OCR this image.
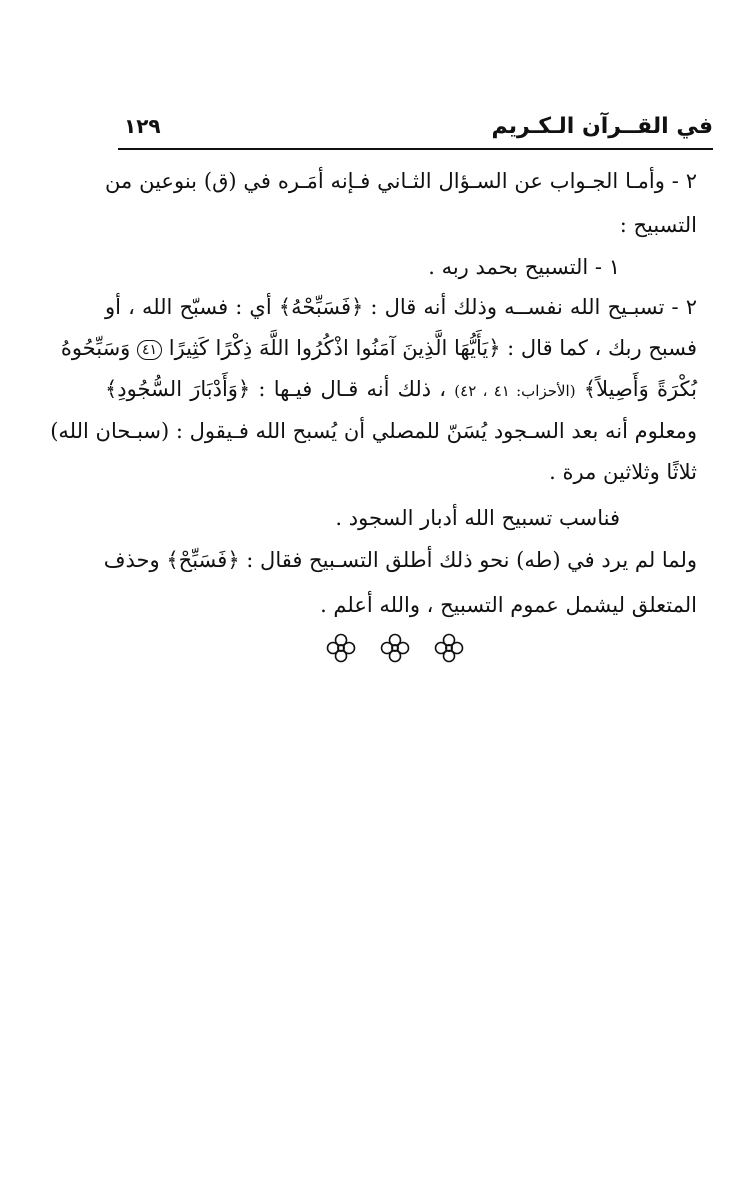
في القــرآن الـكـريم
١٢٩
٢ - وأمـا الجـواب عن السـؤال الثـاني فـإنه أمَـره في (ق) بنوعين من
التسبيح :
١ - التسبيح بحمد ربه .
٢ - تسبـيح الله نفســه وذلك أنه قال : ﴿فَسَبِّحْهُ﴾ أي : فسبّح الله ، أو
فسبح ربك ، كما قال : ﴿يَأَيُّهَا الَّذِينَ آمَنُوا اذْكُرُوا اللَّهَ ذِكْرًا كَثِيرًا ٤١ وَسَبِّحُوهُ
بُكْرَةً وَأَصِيلاً﴾ (الأحزاب: ٤١ ، ٤٢) ، ذلك أنه قـال فيـها : ﴿وَأَدْبَارَ السُّجُودِ﴾
ومعلوم أنه بعد السـجود يُسَنّ للمصلي أن يُسبح الله فـيقول : (سبـحان الله)
ثلاثًا وثلاثين مرة .
فناسب تسبيح الله أدبار السجود .
ولما لم يرد في (طه) نحو ذلك أطلق التسـبيح فقال : ﴿فَسَبِّحْ﴾ وحذف
المتعلق ليشمل عموم التسبيح ، والله أعلم .
